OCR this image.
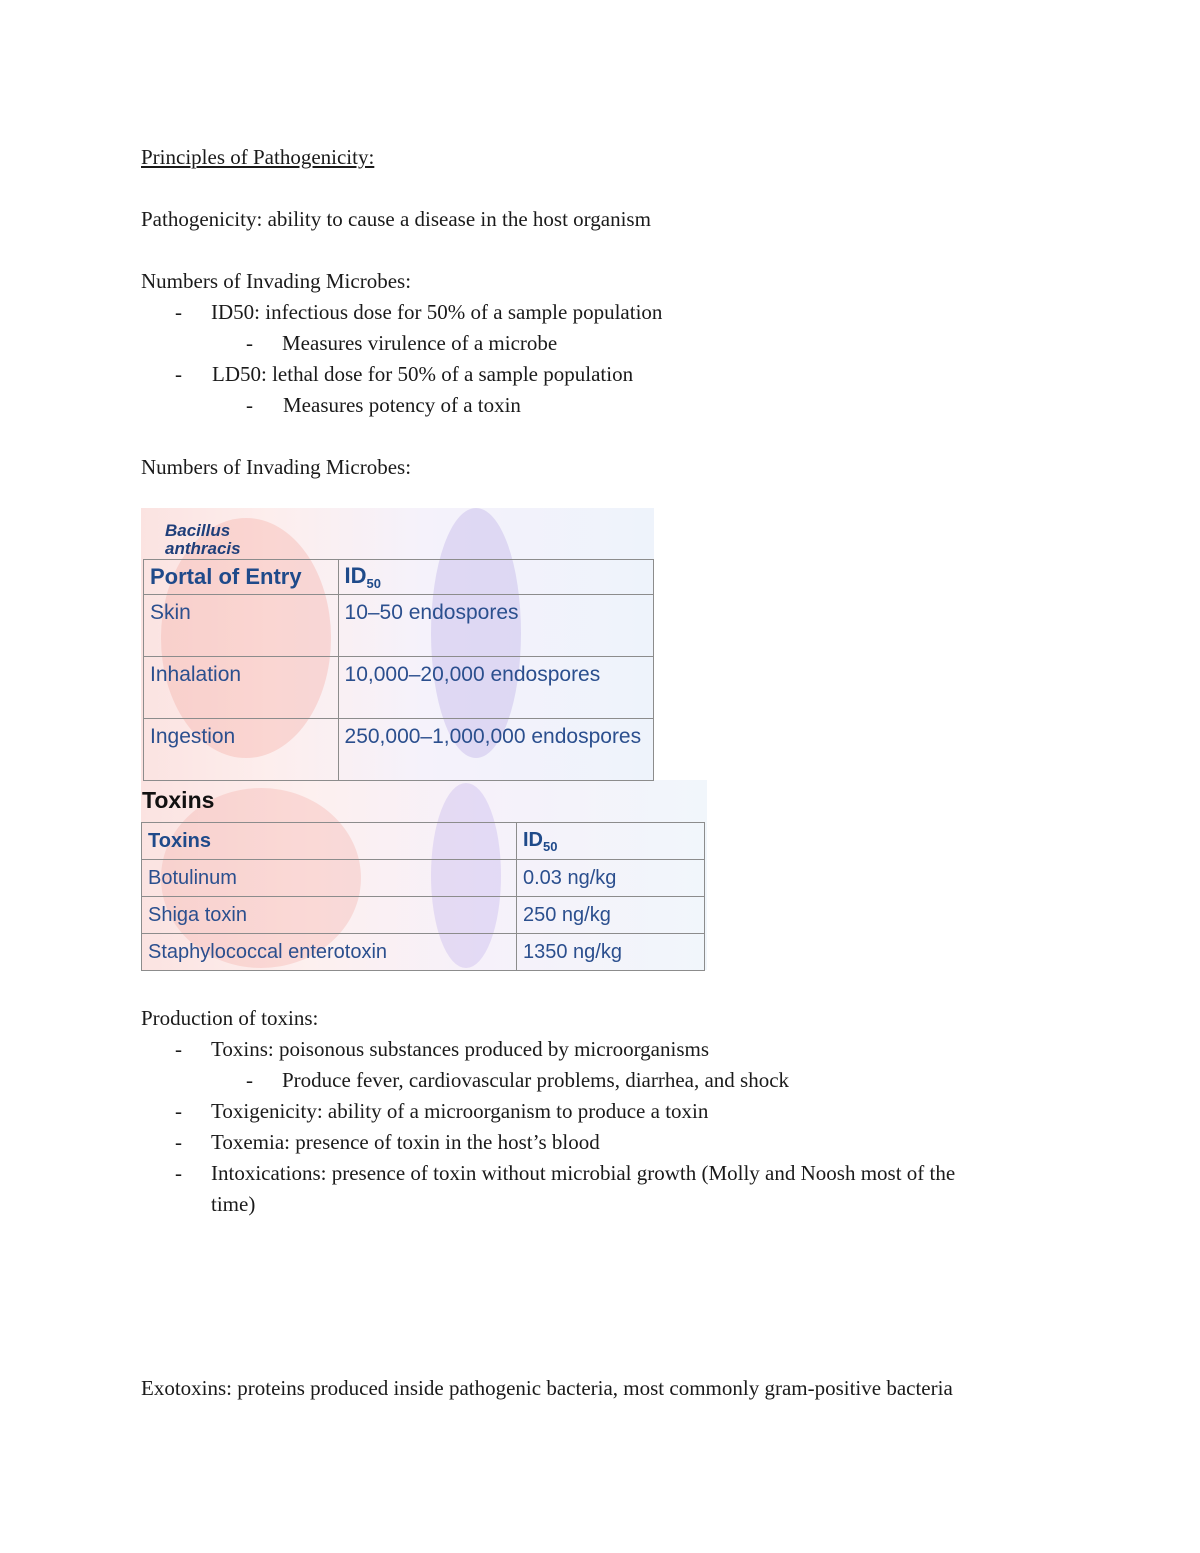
Principles of Pathogenicity:
Pathogenicity: ability to cause a disease in the host organism
Numbers of Invading Microbes:
- ID50: infectious dose for 50% of a sample population
- Measures virulence of a microbe
- LD50: lethal dose for 50% of a sample population
- Measures potency of a toxin
Numbers of Invading Microbes:
Bacillus
anthracis
Portal of Entry	$ID_{50}$
Skin	10–50 endospores
Inhalation	10,000–20,000 endospores
Ingestion	250,000–1,000,000 endospores
Toxins
Toxins	$ID_{50}$
Botulinum	0.03 ng/kg
Shiga toxin	250 ng/kg
Staphylococcal enterotoxin	1350 ng/kg
Production of toxins:
- Toxins: poisonous substances produced by microorganisms
- Produce fever, cardiovascular problems, diarrhea, and shock
- Toxigenicity: ability of a microorganism to produce a toxin
- Toxemia: presence of toxin in the host’s blood
- Intoxications: presence of toxin without microbial growth (Molly and Noosh most of the
time)
Exotoxins: proteins produced inside pathogenic bacteria, most commonly gram-positive bacteria
